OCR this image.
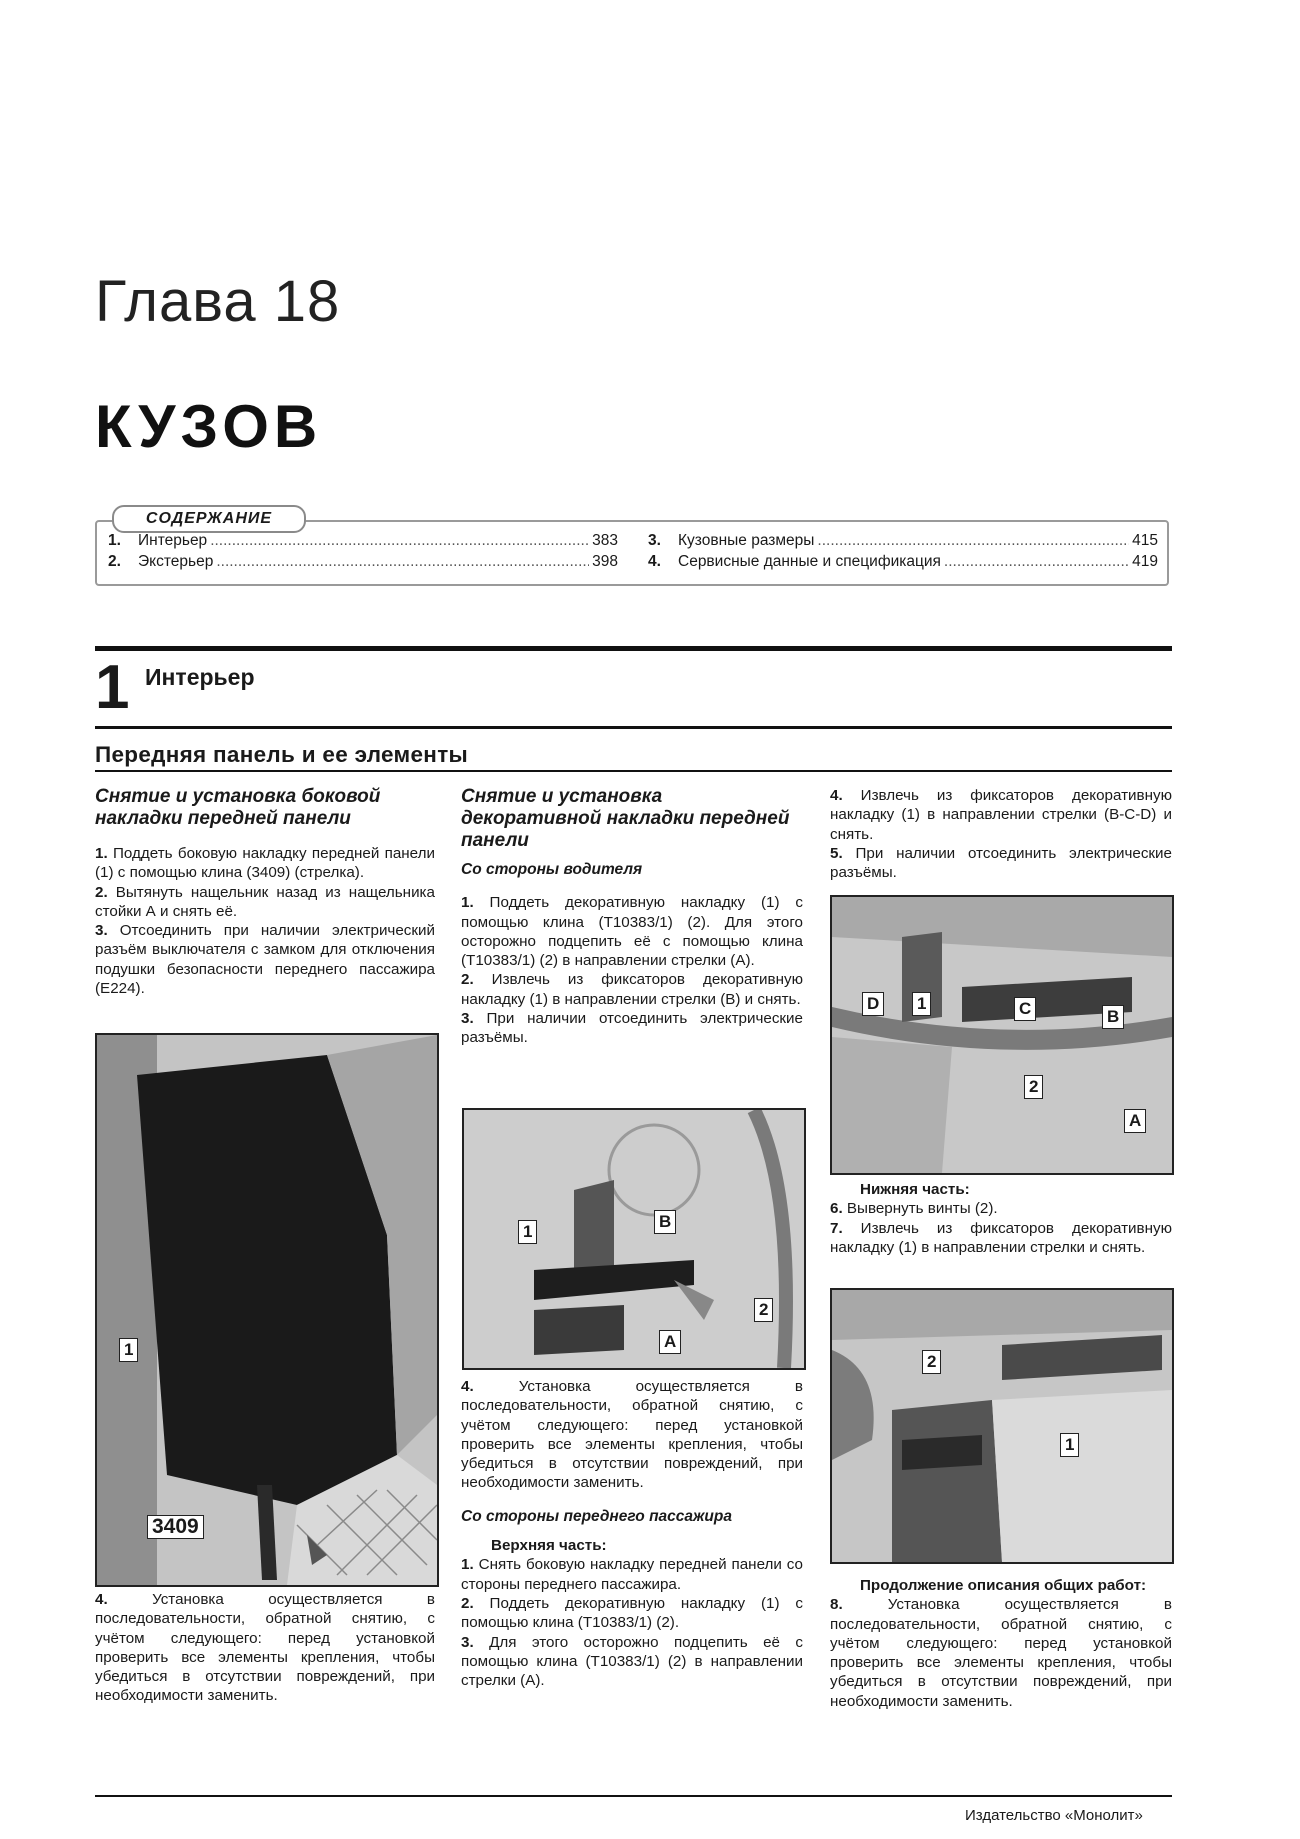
Глава 18
КУЗОВ
СОДЕРЖАНИЕ
1.	Интерьер .....	383
2.	Экстерьер .....	398
3.	Кузовные размеры .....	415
4.	Сервисные данные и спецификация .....	419
1 Интерьер
Передняя панель и ее элементы
Снятие и установка боковой накладки передней панели

1. Поддеть боковую накладку передней панели (1) с помощью клина (3409) (стрелка).

2. Вытянуть нащельник назад из нащельника стойки А и снять её.

3. Отсоединить при наличии электрический разъём выключателя с замком для отключения подушки безопасности переднего пассажира (E224).

1
3409

4.	Установка осуществляется в последовательности, обратной снятию, с учётом следующего: перед установкой проверить все элементы крепления, чтобы убедиться в отсутствии повреждений, при необходимости заменить.

Снятие и установка декоративной накладки передней панели
Со стороны водителя

1. Поддеть декоративную накладку (1) с помощью клина (T10383/1) (2). Для этого осторожно подцепить её с помощью клина (T10383/1) (2) в направлении стрелки (A).

2. Извлечь из фиксаторов декоративную накладку (1) в направлении стрелки (B) и снять.

3. При наличии отсоединить электрические разъёмы.

1
B
2
A

4.	Установка осуществляется в последовательности, обратной снятию, с учётом следующего: перед установкой проверить все элементы крепления, чтобы убедиться в отсутствии повреждений, при необходимости заменить.

Со стороны переднего пассажира
Верхняя часть:

1. Снять боковую накладку передней панели со стороны переднего пассажира.

2. Поддеть декоративную накладку (1) с помощью клина (T10383/1) (2).

3. Для этого осторожно подцепить её с помощью клина (T10383/1) (2) в направлении стрелки (A).

4. Извлечь из фиксаторов декоративную накладку (1) в направлении стрелки (B-C-D) и снять.

5. При наличии отсоединить электрические разъёмы.

D 1	C	B
2
A
Нижняя часть:

6. Вывернуть винты (2).

7. Извлечь из фиксаторов декоративную накладку (1) в направлении стрелки и снять.

2
1
Продолжение описания общих работ:

8.	Установка осуществляется в последовательности, обратной снятию, с учётом следующего: перед установкой проверить все элементы крепления, чтобы убедиться в отсутствии повреждений, при необходимости заменить.

Издательство «Монолит»
